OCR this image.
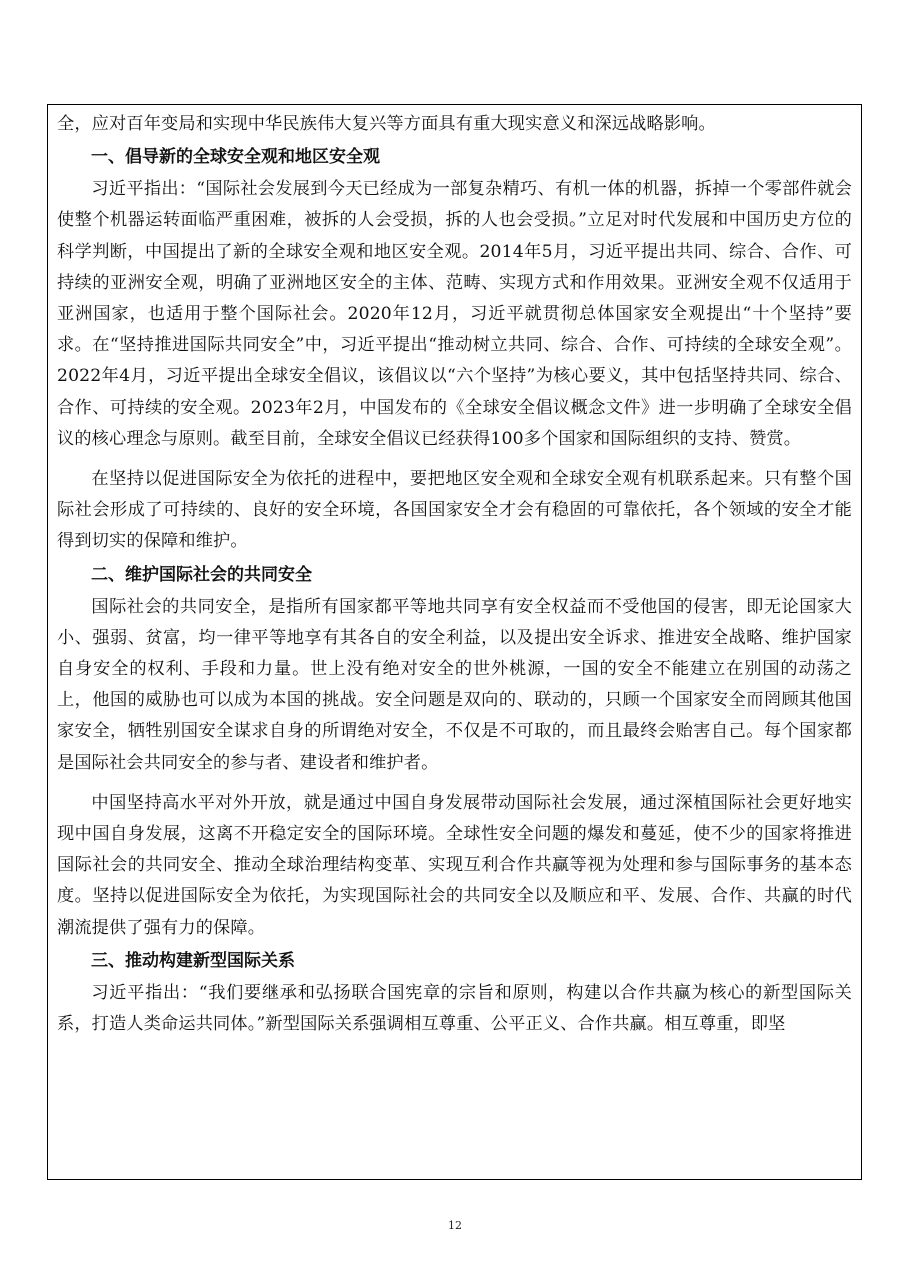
全，应对百年变局和实现中华民族伟大复兴等方面具有重大现实意义和深远战略影响。

一、倡导新的全球安全观和地区安全观

习近平指出：“国际社会发展到今天已经成为一部复杂精巧、有机一体的机器，拆掉一个零部件就会使整个机器运转面临严重困难，被拆的人会受损，拆的人也会受损。”立足对时代发展和中国历史方位的科学判断，中国提出了新的全球安全观和地区安全观。2014年5月，习近平提出共同、综合、合作、可持续的亚洲安全观，明确了亚洲地区安全的主体、范畴、实现方式和作用效果。亚洲安全观不仅适用于亚洲国家，也适用于整个国际社会。2020年12月，习近平就贯彻总体国家安全观提出“十个坚持”要求。在“坚持推进国际共同安全”中，习近平提出“推动树立共同、综合、合作、可持续的全球安全观”。2022年4月，习近平提出全球安全倡议，该倡议以“六个坚持”为核心要义，其中包括坚持共同、综合、合作、可持续的安全观。2023年2月，中国发布的《全球安全倡议概念文件》进一步明确了全球安全倡议的核心理念与原则。截至目前，全球安全倡议已经获得100多个国家和国际组织的支持、赞赏。

在坚持以促进国际安全为依托的进程中，要把地区安全观和全球安全观有机联系起来。只有整个国际社会形成了可持续的、良好的安全环境，各国国家安全才会有稳固的可靠依托，各个领域的安全才能得到切实的保障和维护。

二、维护国际社会的共同安全

国际社会的共同安全，是指所有国家都平等地共同享有安全权益而不受他国的侵害，即无论国家大小、强弱、贫富，均一律平等地享有其各自的安全利益，以及提出安全诉求、推进安全战略、维护国家自身安全的权利、手段和力量。世上没有绝对安全的世外桃源，一国的安全不能建立在别国的动荡之上，他国的威胁也可以成为本国的挑战。安全问题是双向的、联动的，只顾一个国家安全而罔顾其他国家安全，牺牲别国安全谋求自身的所谓绝对安全，不仅是不可取的，而且最终会贻害自己。每个国家都是国际社会共同安全的参与者、建设者和维护者。

中国坚持高水平对外开放，就是通过中国自身发展带动国际社会发展，通过深植国际社会更好地实现中国自身发展，这离不开稳定安全的国际环境。全球性安全问题的爆发和蔓延，使不少的国家将推进国际社会的共同安全、推动全球治理结构变革、实现互利合作共赢等视为处理和参与国际事务的基本态度。坚持以促进国际安全为依托，为实现国际社会的共同安全以及顺应和平、发展、合作、共赢的时代潮流提供了强有力的保障。

三、推动构建新型国际关系

习近平指出：“我们要继承和弘扬联合国宪章的宗旨和原则，构建以合作共赢为核心的新型国际关系，打造人类命运共同体。”新型国际关系强调相互尊重、公平正义、合作共赢。相互尊重，即坚

12
